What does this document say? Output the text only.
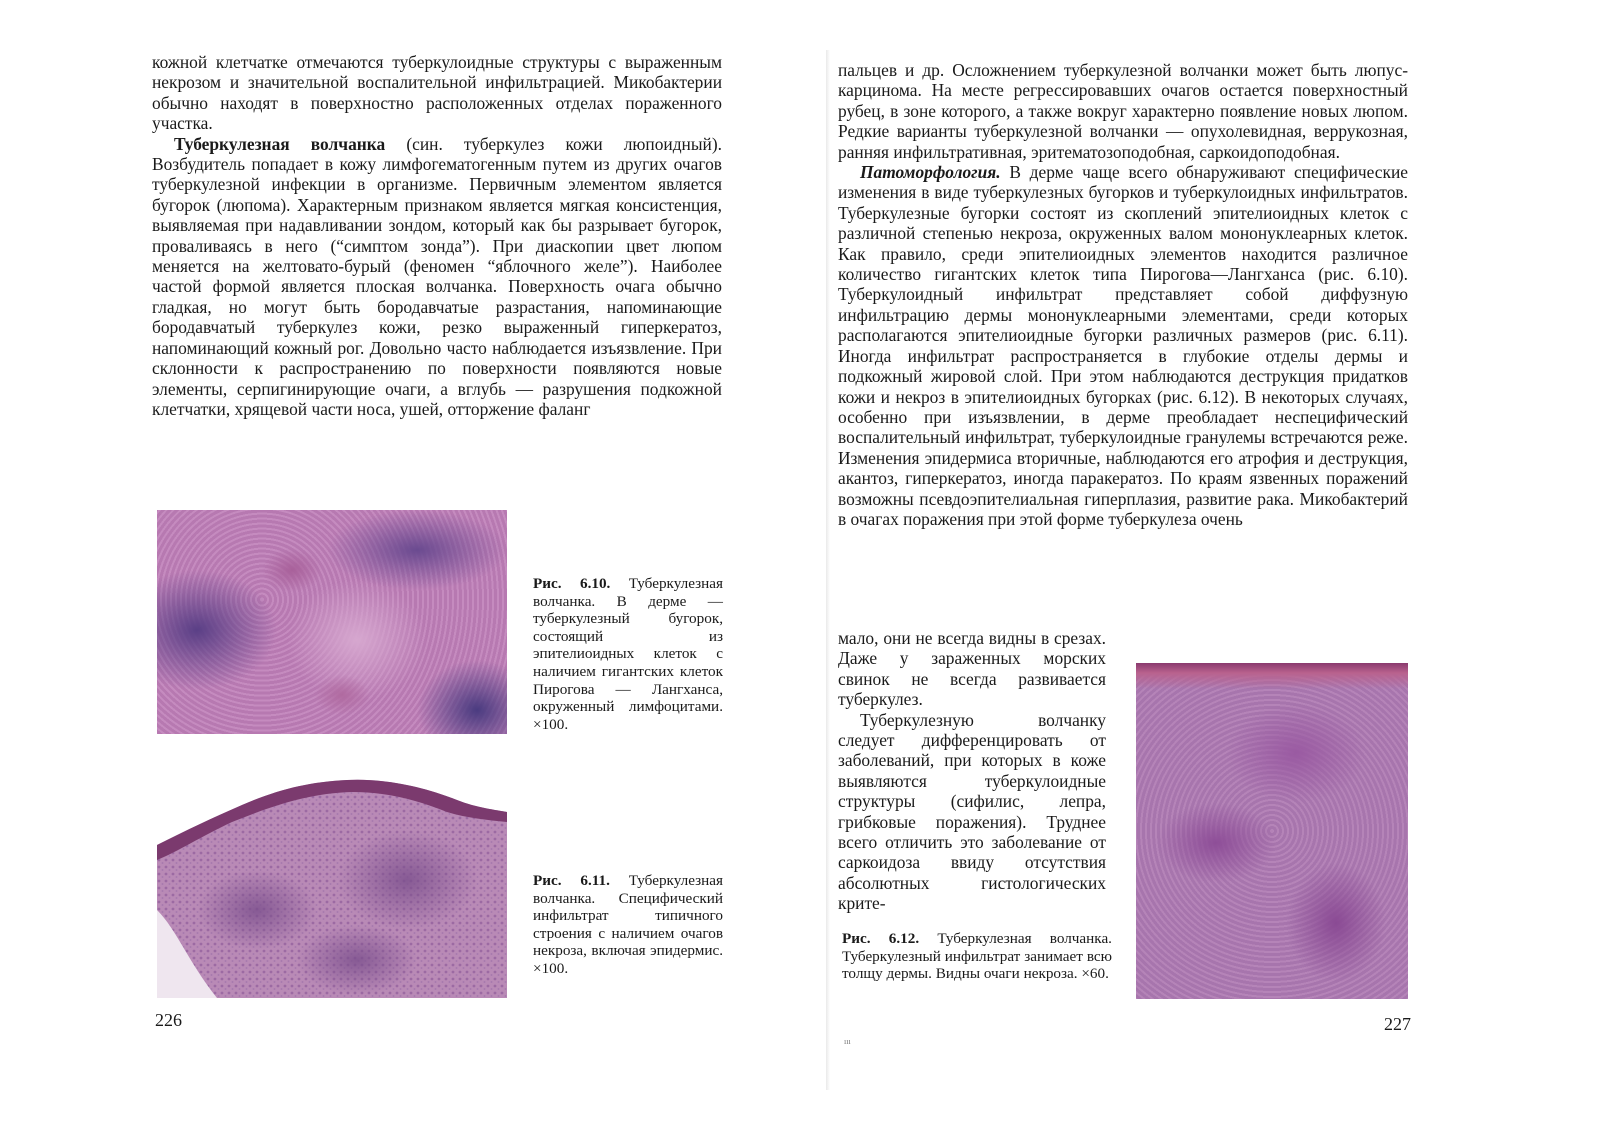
кожной клетчатке отмечаются туберкулоидные структуры с выраженным некрозом и значительной воспалительной инфильтрацией. Микобактерии обычно находят в поверхностно расположенных отделах пораженного участка.

Туберкулезная волчанка (син. туберкулез кожи люпоидный). Возбудитель попадает в кожу лимфогематогенным путем из других очагов туберкулезной инфекции в организме. Первичным элементом является бугорок (люпома). Характерным признаком является мягкая консистенция, выявляемая при надавливании зондом, который как бы разрывает бугорок, проваливаясь в него (“симптом зонда”). При диаскопии цвет люпом меняется на желтовато-бурый (феномен “яблочного желе”). Наиболее частой формой является плоская волчанка. Поверхность очага обычно гладкая, но могут быть бородавчатые разрастания, напоминающие бородавчатый туберкулез кожи, резко выраженный гиперкератоз, напоминающий кожный рог. Довольно часто наблюдается изъязвление. При склонности к распространению по поверхности появляются новые элементы, серпигинирующие очаги, а вглубь — разрушения подкожной клетчатки, хрящевой части носа, ушей, отторжение фаланг

Рис. 6.10. Туберкулезная волчанка. В дерме — туберкулезный бугорок, состоящий из эпителиоидных клеток с наличием гигантских клеток Пирогова — Лангханса, окруженный лимфоцитами. ×100.
Рис. 6.11. Туберкулезная волчанка. Специфический инфильтрат типичного строения с наличием очагов некроза, включая эпидермис. ×100.
226

пальцев и др. Осложнением туберкулезной волчанки может быть люпус-карцинома. На месте регрессировавших очагов остается поверхностный рубец, в зоне которого, а также вокруг характерно появление новых люпом. Редкие варианты туберкулезной волчанки — опухолевидная, веррукозная, ранняя инфильтративная, эритематозоподобная, саркоидоподобная.

Патоморфология. В дерме чаще всего обнаруживают специфические изменения в виде туберкулезных бугорков и туберкулоидных инфильтратов. Туберкулезные бугорки состоят из скоплений эпителиоидных клеток с различной степенью некроза, окруженных валом мононуклеарных клеток. Как правило, среди эпителиоидных элементов находится различное количество гигантских клеток типа Пирогова—Лангханса (рис. 6.10). Туберкулоидный инфильтрат представляет собой диффузную инфильтрацию дермы мононуклеарными элементами, среди которых располагаются эпителиоидные бугорки различных размеров (рис. 6.11). Иногда инфильтрат распространяется в глубокие отделы дермы и подкожный жировой слой. При этом наблюдаются деструкция придатков кожи и некроз в эпителиоидных бугорках (рис. 6.12). В некоторых случаях, особенно при изъязвлении, в дерме преобладает неспецифический воспалительный инфильтрат, туберкулоидные гранулемы встречаются реже. Изменения эпидермиса вторичные, наблюдаются его атрофия и деструкция, акантоз, гиперкератоз, иногда паракератоз. По краям язвенных поражений возможны псевдоэпителиальная гиперплазия, развитие рака. Микобактерий в очагах поражения при этой форме туберкулеза очень

мало, они не всегда видны в срезах. Даже у зараженных морских свинок не всегда развивается туберкулез.

Туберкулезную волчанку следует дифференцировать от заболеваний, при которых в коже выявляются туберкулоидные структуры (сифилис, лепра, грибковые поражения). Труднее всего отличить это заболевание от саркоидоза ввиду отсутствия абсолютных гистологических крите-

Рис. 6.12. Туберкулезная волчанка. Туберкулезный инфильтрат занимает всю толщу дермы. Видны очаги некроза. ×60.
227
ııı
